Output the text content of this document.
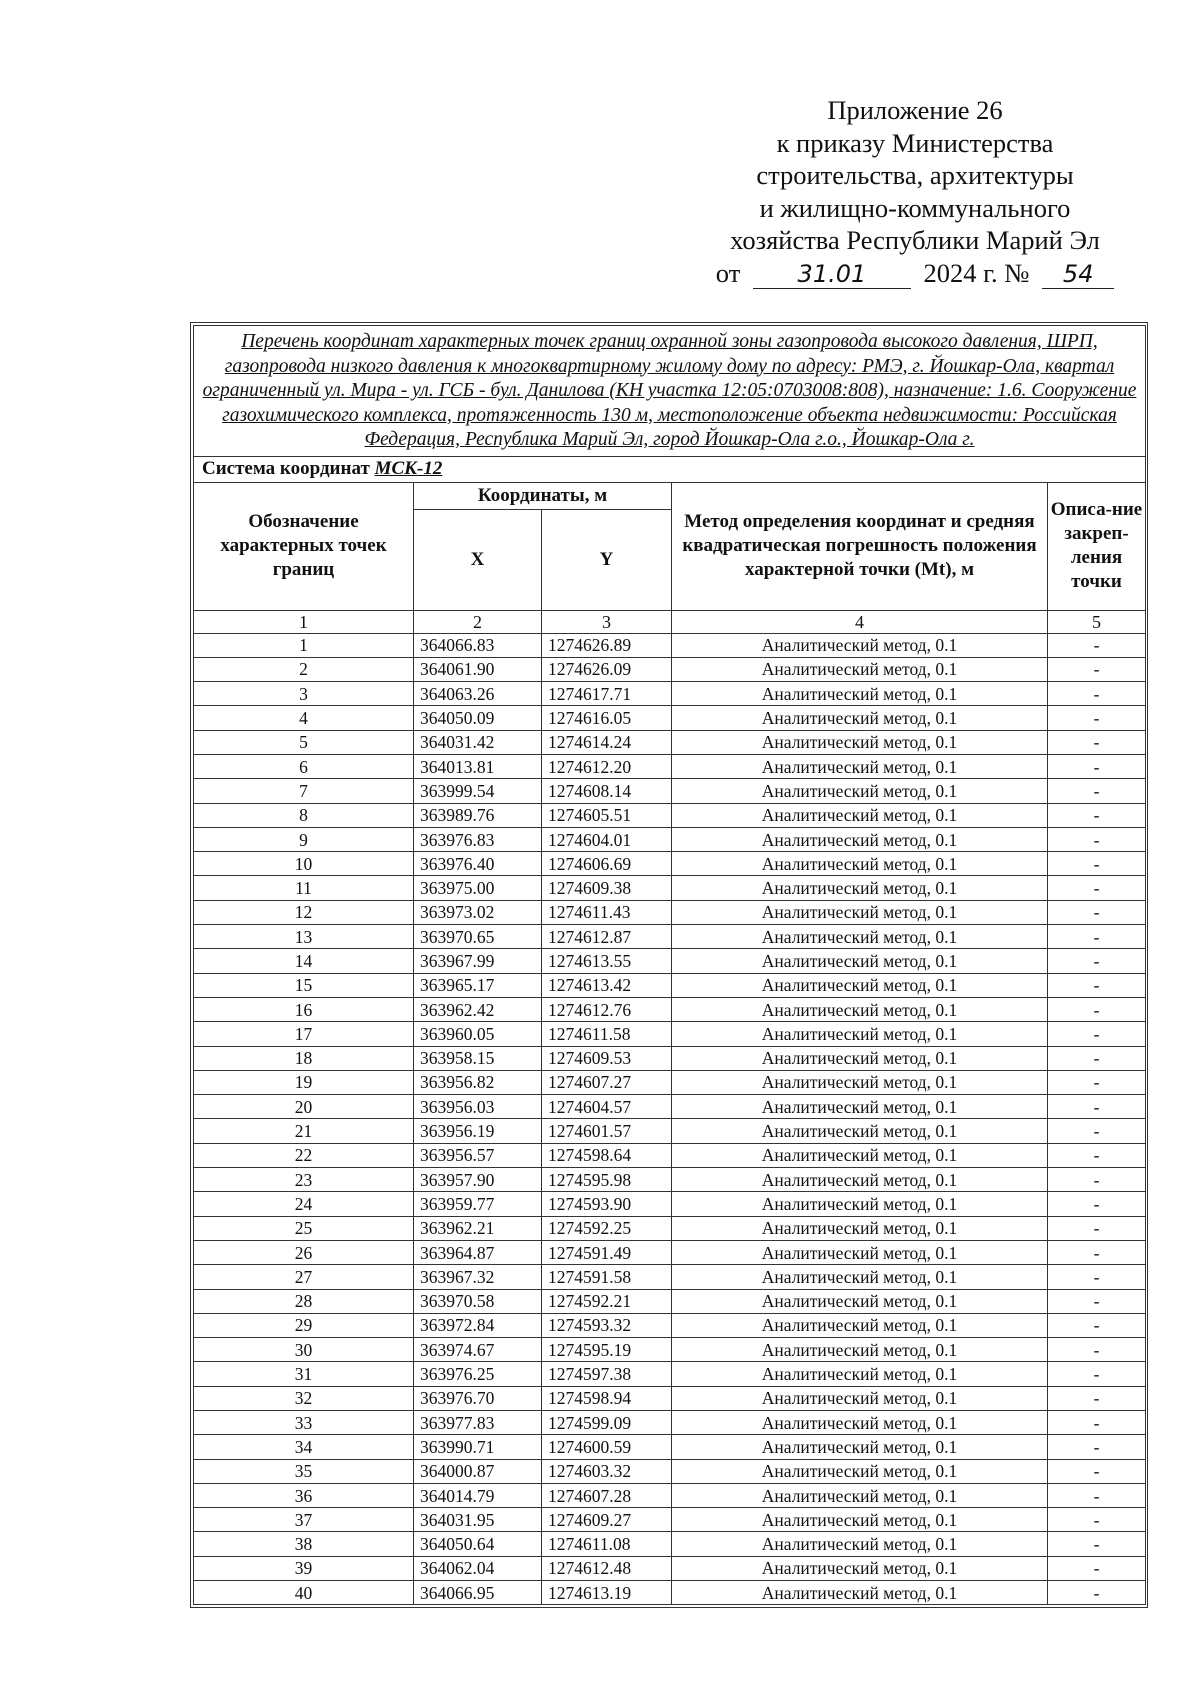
Приложение 26
к приказу Министерства
строительства, архитектуры
и жилищно-коммунального
хозяйства Республики Марий Эл
от 31.01 2024 г. № 54
Перечень координат характерных точек границ охранной зоны газопровода высокого давления, ШРП, газопровода низкого давления к многоквартирному жилому дому по адресу: РМЭ, г. Йошкар-Ола, квартал ограниченный ул. Мира - ул. ГСБ - бул. Данилова (КН участка 12:05:0703008:808), назначение: 1.6. Сооружение газохимического комплекса, протяженность 130 м, местоположение объекта недвижимости: Российская Федерация, Республика Марий Эл, город Йошкар-Ола г.о., Йошкар-Ола г.				
Система координат МСК-12				
Обозначение характерных точек границ	Координаты, м		Метод определения координат и средняя квадратическая погрешность положения характерной точки (Mt), м	Описа-ние закреп-ления точки
	X	Y		
1	2	3	4	5
1	364066.83	1274626.89	Аналитический метод, 0.1	-
2	364061.90	1274626.09	Аналитический метод, 0.1	-
3	364063.26	1274617.71	Аналитический метод, 0.1	-
4	364050.09	1274616.05	Аналитический метод, 0.1	-
5	364031.42	1274614.24	Аналитический метод, 0.1	-
6	364013.81	1274612.20	Аналитический метод, 0.1	-
7	363999.54	1274608.14	Аналитический метод, 0.1	-
8	363989.76	1274605.51	Аналитический метод, 0.1	-
9	363976.83	1274604.01	Аналитический метод, 0.1	-
10	363976.40	1274606.69	Аналитический метод, 0.1	-
11	363975.00	1274609.38	Аналитический метод, 0.1	-
12	363973.02	1274611.43	Аналитический метод, 0.1	-
13	363970.65	1274612.87	Аналитический метод, 0.1	-
14	363967.99	1274613.55	Аналитический метод, 0.1	-
15	363965.17	1274613.42	Аналитический метод, 0.1	-
16	363962.42	1274612.76	Аналитический метод, 0.1	-
17	363960.05	1274611.58	Аналитический метод, 0.1	-
18	363958.15	1274609.53	Аналитический метод, 0.1	-
19	363956.82	1274607.27	Аналитический метод, 0.1	-
20	363956.03	1274604.57	Аналитический метод, 0.1	-
21	363956.19	1274601.57	Аналитический метод, 0.1	-
22	363956.57	1274598.64	Аналитический метод, 0.1	-
23	363957.90	1274595.98	Аналитический метод, 0.1	-
24	363959.77	1274593.90	Аналитический метод, 0.1	-
25	363962.21	1274592.25	Аналитический метод, 0.1	-
26	363964.87	1274591.49	Аналитический метод, 0.1	-
27	363967.32	1274591.58	Аналитический метод, 0.1	-
28	363970.58	1274592.21	Аналитический метод, 0.1	-
29	363972.84	1274593.32	Аналитический метод, 0.1	-
30	363974.67	1274595.19	Аналитический метод, 0.1	-
31	363976.25	1274597.38	Аналитический метод, 0.1	-
32	363976.70	1274598.94	Аналитический метод, 0.1	-
33	363977.83	1274599.09	Аналитический метод, 0.1	-
34	363990.71	1274600.59	Аналитический метод, 0.1	-
35	364000.87	1274603.32	Аналитический метод, 0.1	-
36	364014.79	1274607.28	Аналитический метод, 0.1	-
37	364031.95	1274609.27	Аналитический метод, 0.1	-
38	364050.64	1274611.08	Аналитический метод, 0.1	-
39	364062.04	1274612.48	Аналитический метод, 0.1	-
40	364066.95	1274613.19	Аналитический метод, 0.1	-
